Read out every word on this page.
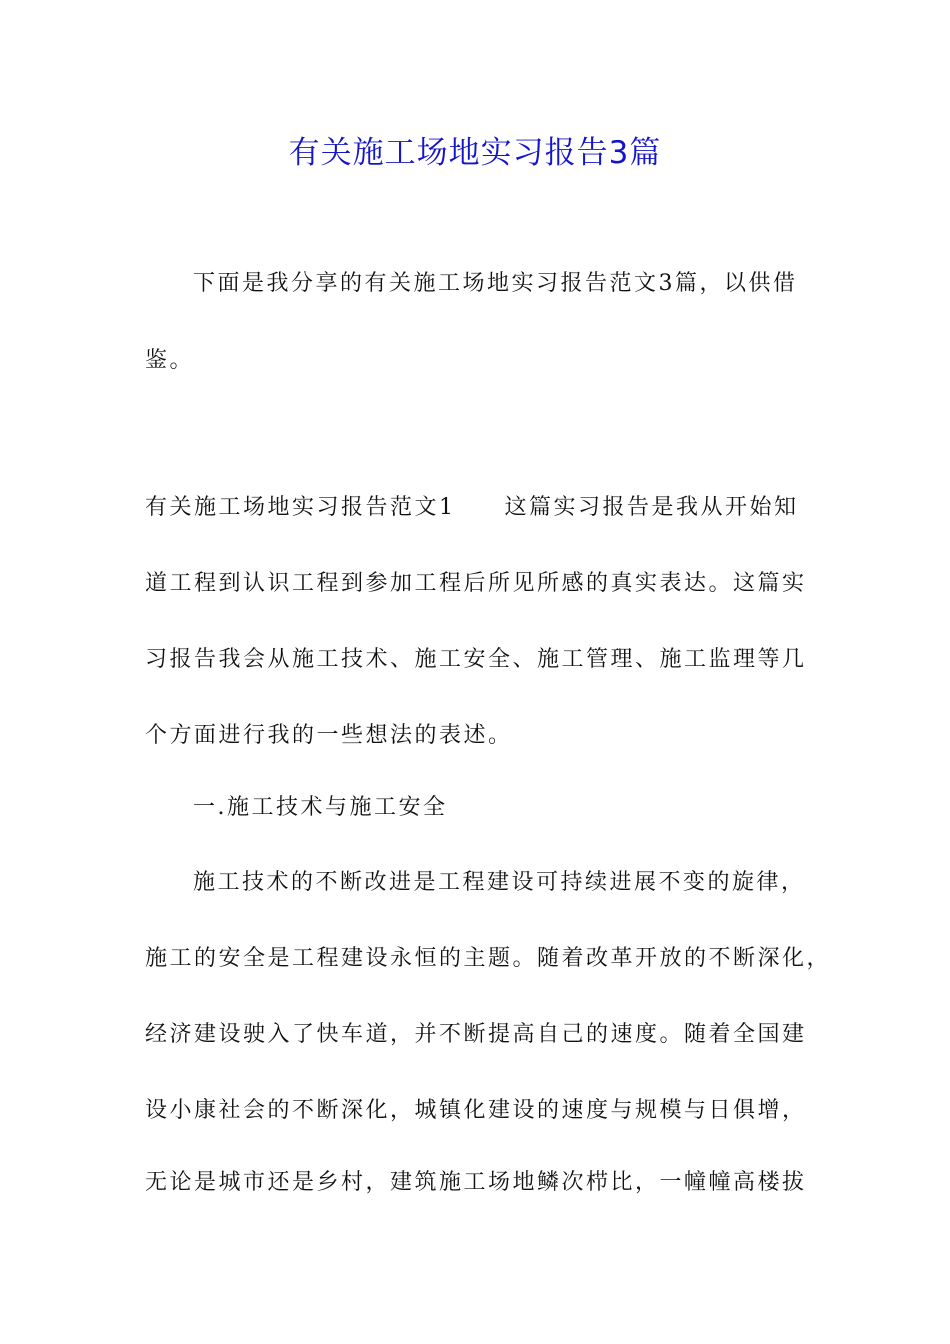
有关施工场地实习报告3篇

下面是我分享的有关施工场地实习报告范文3篇，以供借

鉴。

有关施工场地实习报告范文1　　这篇实习报告是我从开始知

道工程到认识工程到参加工程后所见所感的真实表达。这篇实

习报告我会从施工技术、施工安全、施工管理、施工监理等几

个方面进行我的一些想法的表述。

一.施工技术与施工安全

施工技术的不断改进是工程建设可持续进展不变的旋律，

施工的安全是工程建设永恒的主题。随着改革开放的不断深化，

经济建设驶入了快车道，并不断提高自己的速度。随着全国建

设小康社会的不断深化，城镇化建设的速度与规模与日俱增，

无论是城市还是乡村，建筑施工场地鳞次栉比，一幢幢高楼拔
